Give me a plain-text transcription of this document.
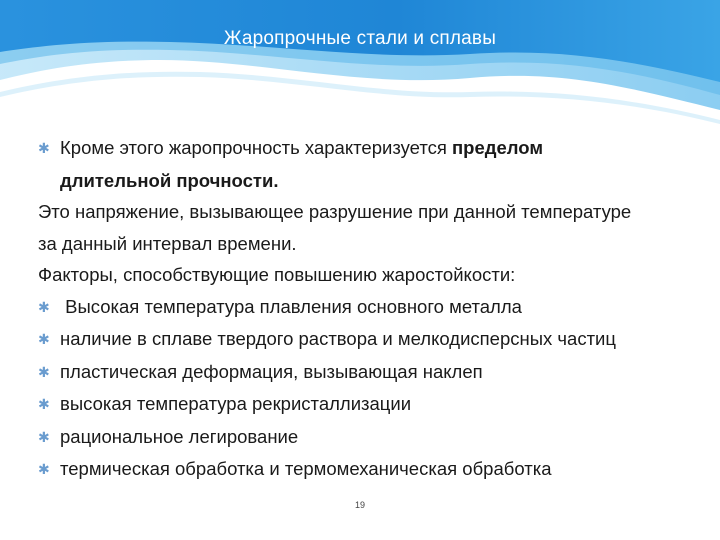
Жаропрочные стали и сплавы
✱ Кроме этого жаропрочность характеризуется пределом
длительной прочности.
Это напряжение, вызывающее разрушение при данной температуре
за данный интервал времени.
Факторы, способствующие повышению жаростойкости:
✱ Высокая температура плавления основного металла
✱ наличие в сплаве твердого раствора и мелкодисперсных частиц
✱ пластическая деформация, вызывающая наклеп
✱ высокая температура рекристаллизации
✱ рациональное легирование
✱ термическая обработка и термомеханическая обработка
19
